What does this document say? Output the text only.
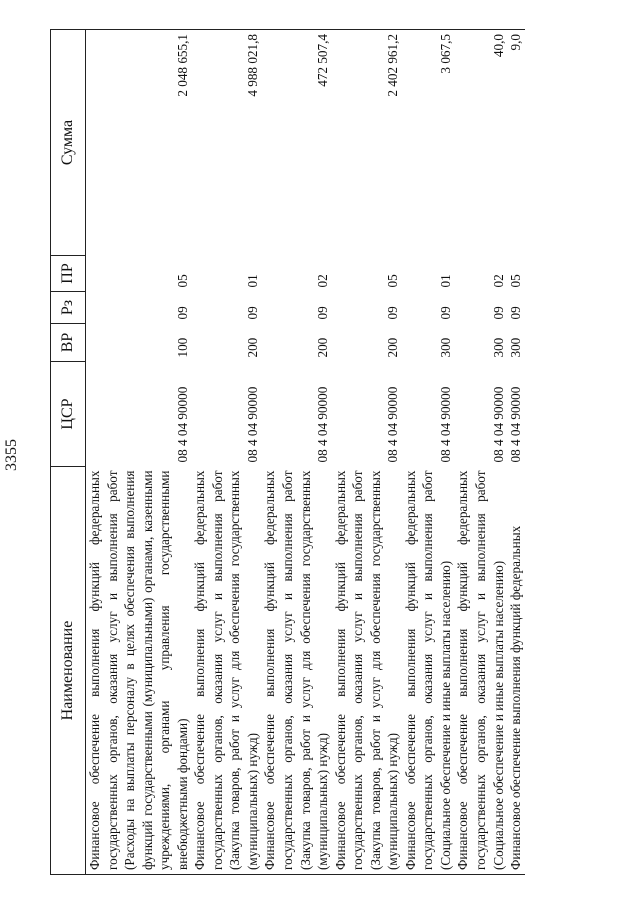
3355
Наименование	ЦСР	ВР	Рз	ПР	Сумма
Финансовое обеспечение выполнения функций федеральных государственных органов, оказания услуг и выполнения работ (Расходы на выплаты персоналу в целях обеспечения выполнения функций государственными (муниципальными) органами, казенными учреждениями, органами управления государственными внебюджетными фондами)	08 4 04 90000	100	09	05	2 048 655,1
Финансовое обеспечение выполнения функций федеральных государственных органов, оказания услуг и выполнения работ (Закупка товаров, работ и услуг для обеспечения государственных (муниципальных) нужд)	08 4 04 90000	200	09	01	4 988 021,8
Финансовое обеспечение выполнения функций федеральных государственных органов, оказания услуг и выполнения работ (Закупка товаров, работ и услуг для обеспечения государственных (муниципальных) нужд)	08 4 04 90000	200	09	02	472 507,4
Финансовое обеспечение выполнения функций федеральных государственных органов, оказания услуг и выполнения работ (Закупка товаров, работ и услуг для обеспечения государственных (муниципальных) нужд)	08 4 04 90000	200	09	05	2 402 961,2
Финансовое обеспечение выполнения функций федеральных государственных органов, оказания услуг и выполнения работ (Социальное обеспечение и иные выплаты населению)	08 4 04 90000	300	09	01	3 067,5
Финансовое обеспечение выполнения функций федеральных государственных органов, оказания услуг и выполнения работ (Социальное обеспечение и иные выплаты населению)	08 4 04 90000	300	09	02	40,0
Финансовое обеспечение выполнения функций федеральных	08 4 04 90000	300	09	05	9,0
